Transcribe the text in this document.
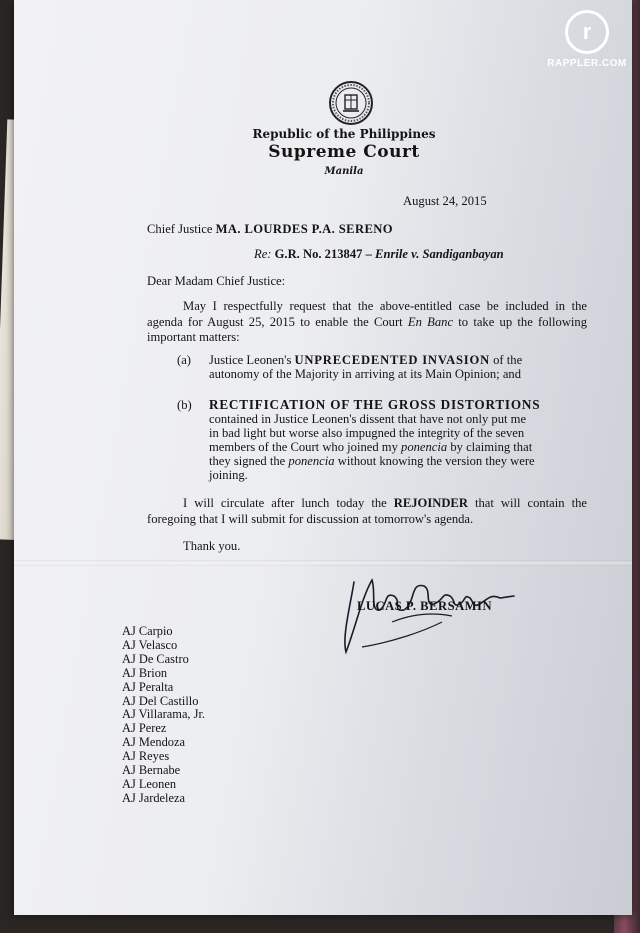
Republic of the Philippines
Supreme Court
Manila
August 24, 2015
Chief Justice MA. LOURDES P.A. SERENO
Re: G.R. No. 213847 – Enrile v. Sandiganbayan
Dear Madam Chief Justice:
May I respectfully request that the above-entitled case be included in the agenda for August 25, 2015 to enable the Court En Banc to take up the following important matters:
(a) Justice Leonen's UNPRECEDENTED INVASION of the
autonomy of the Majority in arriving at its Main Opinion; and
(b) RECTIFICATION OF THE GROSS DISTORTIONS
contained in Justice Leonen's dissent that have not only put me
in bad light but worse also impugned the integrity of the seven
members of the Court who joined my ponencia by claiming that
they signed the ponencia without knowing the version they were
joining.
I will circulate after lunch today the REJOINDER that will contain the foregoing that I will submit for discussion at tomorrow's agenda.
Thank you.
LUCAS P. BERSAMIN
AJ Carpio
AJ Velasco
AJ De Castro
AJ Brion
AJ Peralta
AJ Del Castillo
AJ Villarama, Jr.
AJ Perez
AJ Mendoza
AJ Reyes
AJ Bernabe
AJ Leonen
AJ Jardeleza
r
RAPPLER.COM
